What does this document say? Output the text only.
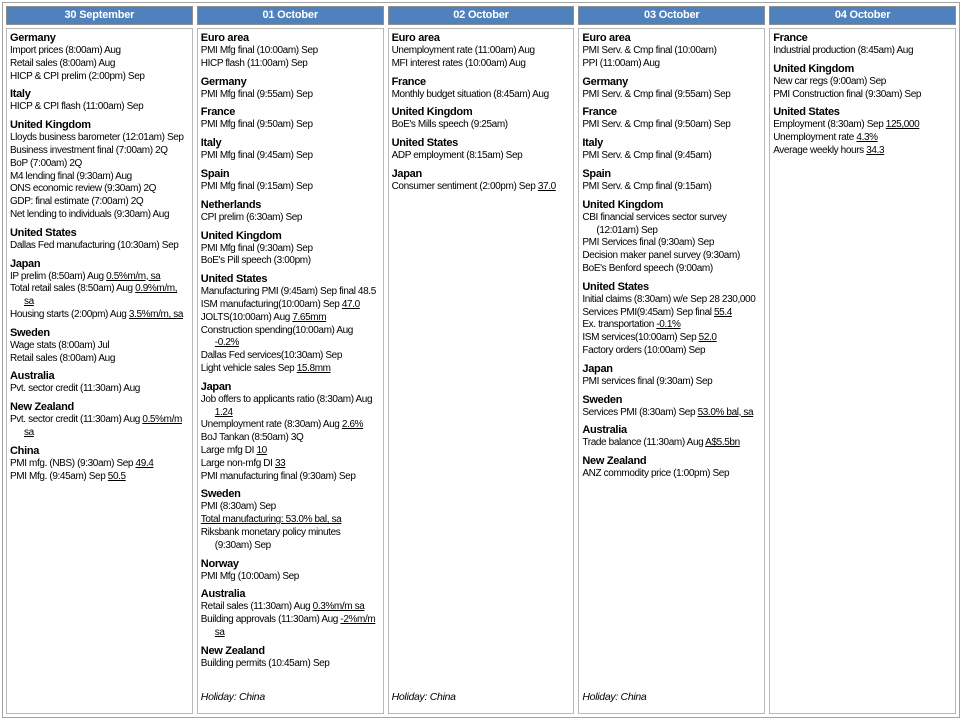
30 September
Germany
Import prices (8:00am) Aug
Retail sales (8:00am) Aug
HICP & CPI prelim (2:00pm) Sep
Italy
HICP & CPI flash (11:00am) Sep
United Kingdom
Lloyds business barometer (12:01am) Sep
Business investment final (7:00am) 2Q
BoP (7:00am) 2Q
M4 lending final (9:30am) Aug
ONS economic review (9:30am) 2Q
GDP: final estimate (7:00am) 2Q
Net lending to individuals (9:30am) Aug
United States
Dallas Fed manufacturing (10:30am) Sep
Japan
IP prelim (8:50am) Aug 0.5%m/m, sa
Total retail sales (8:50am) Aug 0.9%m/m, sa
Housing starts (2:00pm) Aug 3.5%m/m, sa
Sweden
Wage stats (8:00am) Jul
Retail sales (8:00am) Aug
Australia
Pvt. sector credit (11:30am) Aug
New Zealand
Pvt. sector credit (11:30am) Aug 0.5%m/m sa
China
PMI mfg. (NBS) (9:30am) Sep 49.4
PMI Mfg. (9:45am) Sep 50.5
01 October
Euro area
PMI Mfg final (10:00am) Sep
HICP flash (11:00am) Sep
Germany
PMI Mfg final (9:55am) Sep
France
PMI Mfg final (9:50am) Sep
Italy
PMI Mfg final (9:45am) Sep
Spain
PMI Mfg final (9:15am) Sep
Netherlands
CPI prelim (6:30am) Sep
United Kingdom
PMI Mfg final (9:30am) Sep
BoE's Pill speech (3:00pm)
United States
Manufacturing PMI (9:45am) Sep final 48.5
ISM manufacturing(10:00am) Sep 47.0
JOLTS(10:00am) Aug 7.65mm
Construction spending(10:00am) Aug -0.2%
Dallas Fed services(10:30am) Sep
Light vehicle sales Sep 15.8mm
Japan
Job offers to applicants ratio (8:30am) Aug 1.24
Unemployment rate (8:30am) Aug 2.6%
BoJ Tankan (8:50am) 3Q
Large mfg DI 10
Large non-mfg DI 33
PMI manufacturing final (9:30am) Sep
Sweden
PMI (8:30am) Sep
Total manufacturing: 53.0% bal, sa
Riksbank monetary policy minutes (9:30am) Sep
Norway
PMI Mfg (10:00am) Sep
Australia
Retail sales (11:30am) Aug 0.3%m/m sa
Building approvals (11:30am) Aug -2%m/m sa
New Zealand
Building permits (10:45am) Sep
Holiday: China
02 October
Euro area
Unemployment rate (11:00am) Aug
MFI interest rates (10:00am) Aug
France
Monthly budget situation (8:45am) Aug
United Kingdom
BoE's Mills speech (9:25am)
United States
ADP employment (8:15am) Sep
Japan
Consumer sentiment (2:00pm) Sep 37.0
Holiday: China
03 October
Euro area
PMI Serv. & Cmp final (10:00am)
PPI (11:00am) Aug
Germany
PMI Serv. & Cmp final (9:55am) Sep
France
PMI Serv. & Cmp final (9:50am) Sep
Italy
PMI Serv. & Cmp final (9:45am)
Spain
PMI Serv. & Cmp final (9:15am)
United Kingdom
CBI financial services sector survey (12:01am) Sep
PMI Services final (9:30am) Sep
Decision maker panel survey (9:30am)
BoE's Benford speech (9:00am)
United States
Initial claims (8:30am) w/e Sep 28 230,000
Services PMI(9:45am) Sep final 55.4
Ex. transportation -0.1%
ISM services(10:00am) Sep 52.0
Factory orders (10:00am) Sep
Japan
PMI services final (9:30am) Sep
Sweden
Services PMI (8:30am) Sep 53.0% bal, sa
Australia
Trade balance (11:30am) Aug A$5.5bn
New Zealand
ANZ commodity price (1:00pm) Sep
Holiday: China
04 October
France
Industrial production (8:45am) Aug
United Kingdom
New car regs (9:00am) Sep
PMI Construction final (9:30am) Sep
United States
Employment (8:30am) Sep 125,000
Unemployment rate 4.3%
Average weekly hours 34.3
